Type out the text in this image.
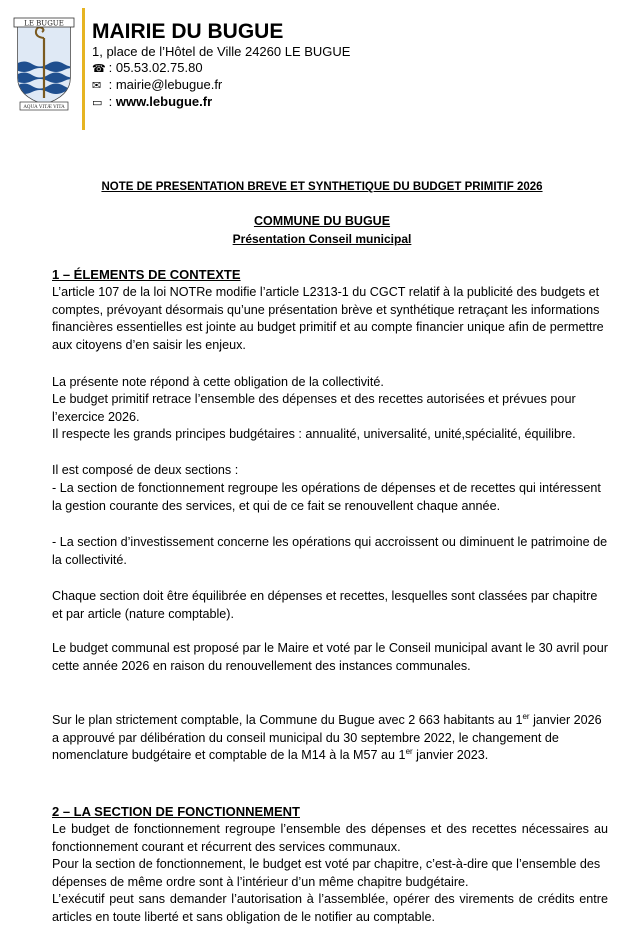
LE BUGUE
AQUA VITÆ VITA
MAIRIE DU BUGUE
1, place de l’Hôtel de Ville 24260 LE BUGUE
☎ : 05.53.02.75.80
✉ : mairie@lebugue.fr
▭ : www.lebugue.fr
NOTE DE PRESENTATION BREVE ET SYNTHETIQUE DU BUDGET PRIMITIF 2026
COMMUNE DU BUGUE
Présentation Conseil municipal
1 – ÉLEMENTS DE CONTEXTE

L’article 107 de la loi NOTRe modifie l’article L2313-1 du CGCT relatif à la publicité des budgets et comptes, prévoyant désormais qu’une présentation brève et synthétique retraçant les informations financières essentielles est jointe au budget primitif et au compte financier unique afin de permettre aux citoyens d’en saisir les enjeux.

La présente note répond à cette obligation de la collectivité.

Le budget primitif retrace l’ensemble des dépenses et des recettes autorisées et prévues pour l’exercice 2026.

Il respecte les grands principes budgétaires : annualité, universalité, unité,spécialité, équilibre.

Il est composé de deux sections :

- La section de fonctionnement regroupe les opérations de dépenses et de recettes qui intéressent la gestion courante des services, et qui de ce fait se renouvellent chaque année.

- La section d’investissement concerne les opérations qui accroissent ou diminuent le patrimoine de la collectivité.

Chaque section doit être équilibrée en dépenses et recettes, lesquelles sont classées par chapitre et par article (nature comptable).

Le budget communal est proposé par le Maire et voté par le Conseil municipal avant le 30 avril pour cette année 2026 en raison du renouvellement des instances communales.

Sur le plan strictement comptable, la Commune du Bugue avec 2 663 habitants au 1er janvier 2026 a approuvé par délibération du conseil municipal du 30 septembre 2022, le changement de nomenclature budgétaire et comptable de la M14 à la M57 au 1er janvier 2023.

2 – LA SECTION DE FONCTIONNEMENT

Le budget de fonctionnement regroupe l’ensemble des dépenses et des recettes nécessaires au fonctionnement courant et récurrent des services communaux.

Pour la section de fonctionnement, le budget est voté par chapitre, c’est-à-dire que l’ensemble des dépenses de même ordre sont à l’intérieur d’un même chapitre budgétaire.

L’exécutif peut sans demander l’autorisation à l’assemblée, opérer des virements de crédits entre articles en toute liberté et sans obligation de le notifier au comptable.
